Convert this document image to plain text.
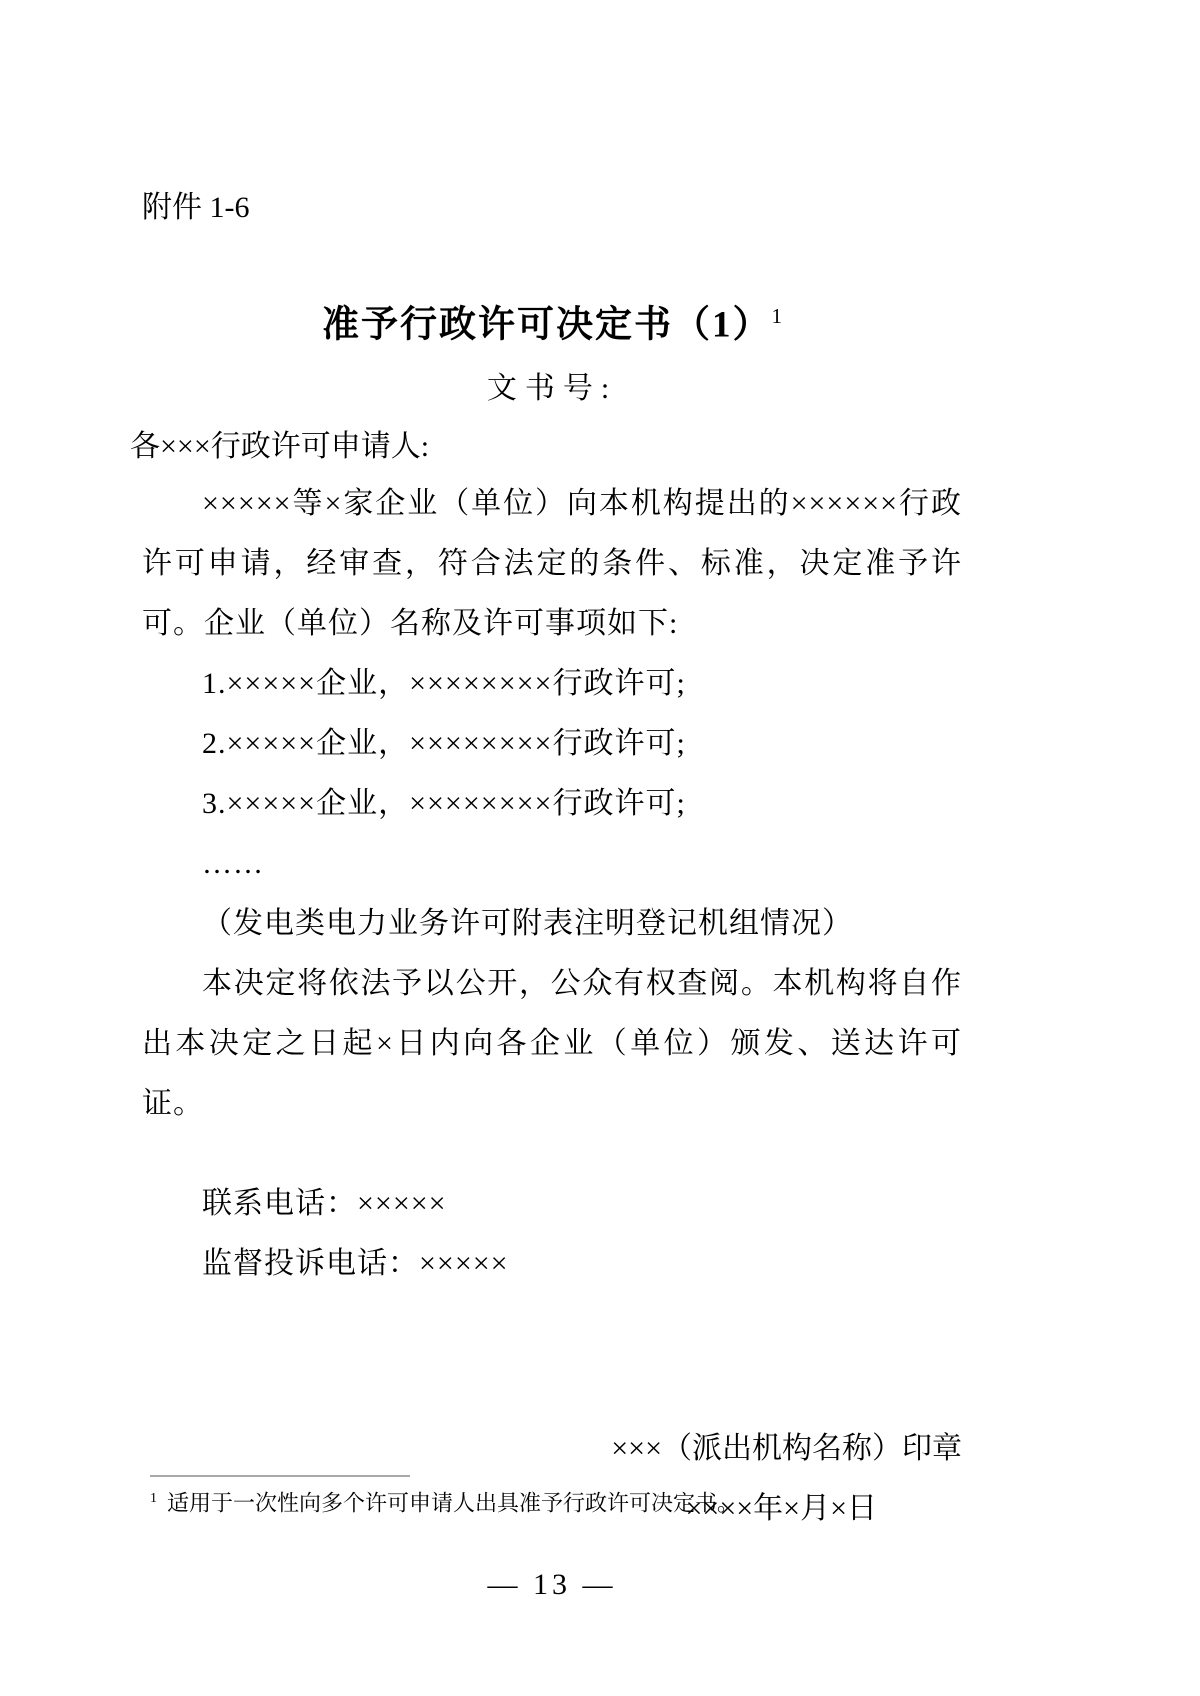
附件 1-6
准予行政许可决定书$(1)^1$
文书号:
各×××行政许可申请人:

×××××等×家企业（单位）向本机构提出的××××××行政许可申请，经审查，符合法定的条件、标准，决定准予许可。企业（单位）名称及许可事项如下:

1.×××××企业，××××××××行政许可;
2.×××××企业，××××××××行政许可;
3.×××××企业，××××××××行政许可;
……
（发电类电力业务许可附表注明登记机组情况）

本决定将依法予以公开，公众有权查阅。本机构将自作出本决定之日起×日内向各企业（单位）颁发、送达许可证。

联系电话：×××××
监督投诉电话：×××××
×××（派出机构名称）印章
××××年×月×日
$^1$ 适用于一次性向多个许可申请人出具准予行政许可决定书。
— 13 —
